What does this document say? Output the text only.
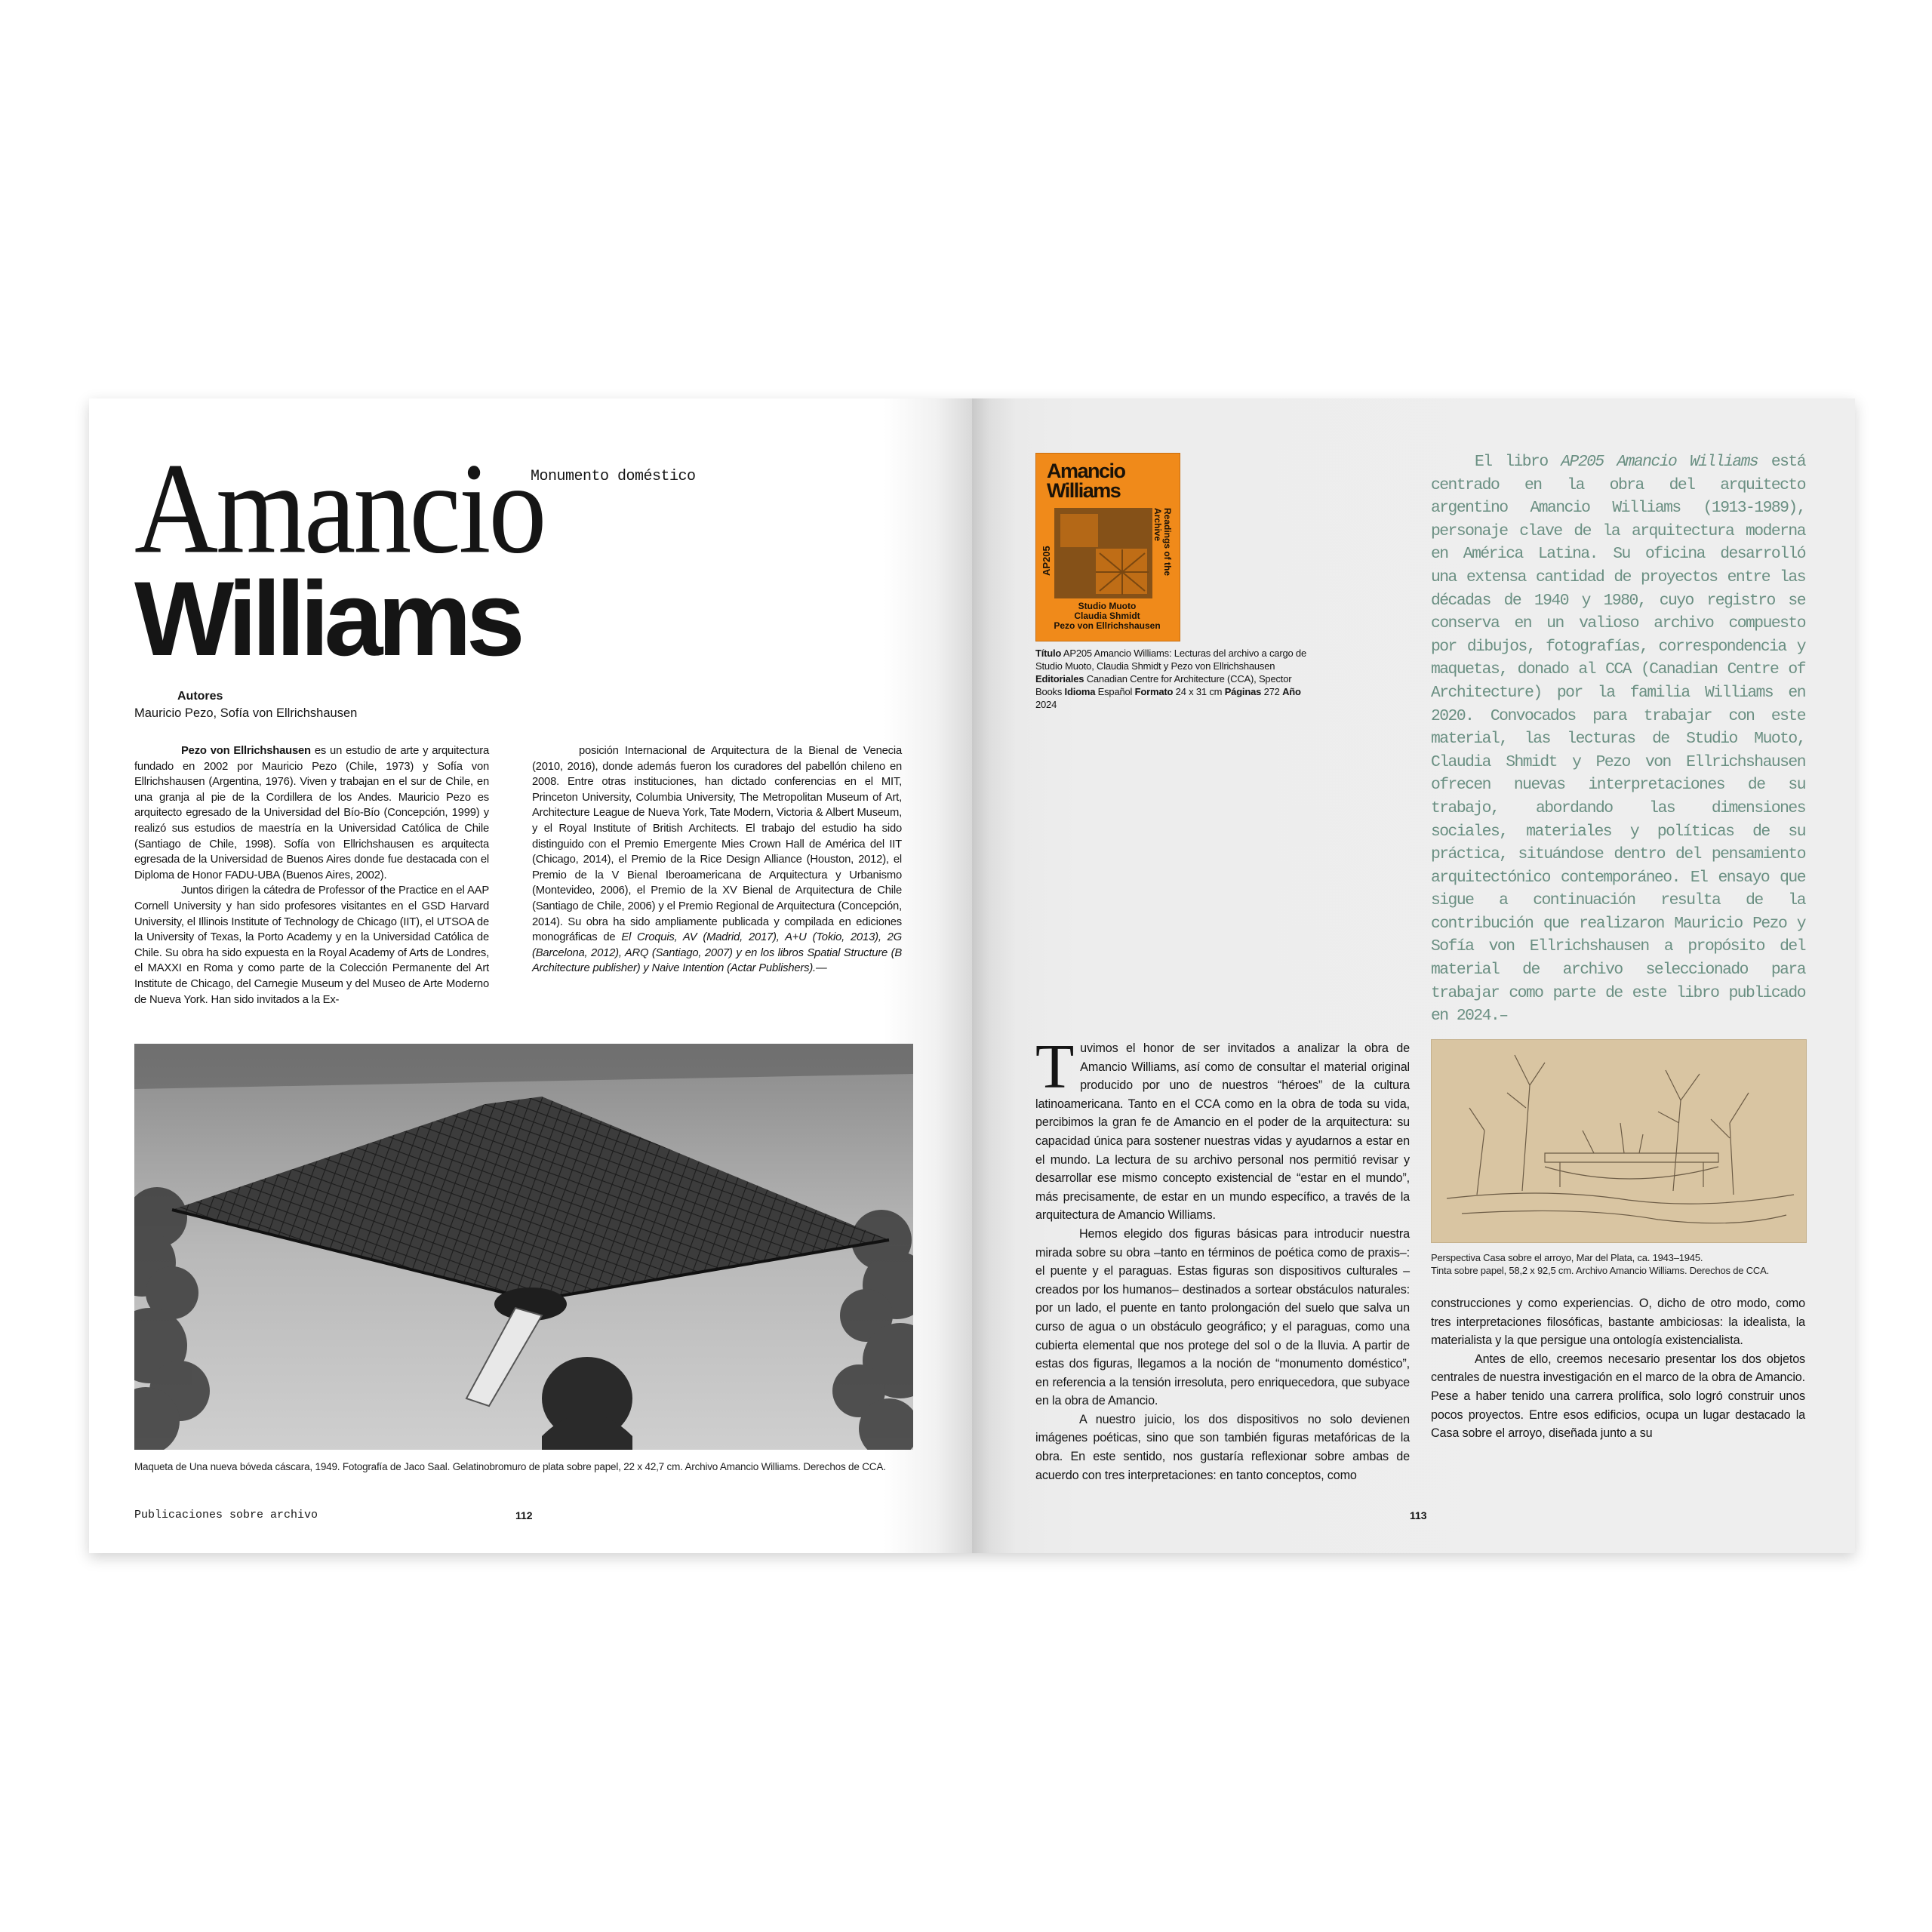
Amancio
Williams
Monumento doméstico
Autores
Mauricio Pezo, Sofía von Ellrichshausen

Pezo von Ellrichshausen es un estudio de arte y arquitectura fundado en 2002 por Mauricio Pezo (Chile, 1973) y Sofía von Ellrichshausen (Argentina, 1976). Viven y trabajan en el sur de Chile, en una granja al pie de la Cordillera de los Andes. Mauricio Pezo es arquitecto egresado de la Universidad del Bío-Bío (Concepción, 1999) y realizó sus estudios de maestría en la Universidad Católica de Chile (Santiago de Chile, 1998). Sofía von Ellrichshausen es arquitecta egresada de la Universidad de Buenos Aires donde fue destacada con el Diploma de Honor FADU-UBA (Buenos Aires, 2002).

Juntos dirigen la cátedra de Professor of the Practice en el AAP Cornell University y han sido profesores visitantes en el GSD Harvard University, el Illinois Institute of Technology de Chicago (IIT), el UTSOA de la University of Texas, la Porto Academy y en la Universidad Católica de Chile. Su obra ha sido expuesta en la Royal Academy of Arts de Londres, el MAXXI en Roma y como parte de la Colección Permanente del Art Institute de Chicago, del Carnegie Museum y del Museo de Arte Moderno de Nueva York. Han sido invitados a la Ex-

posición Internacional de Arquitectura de la Bienal de Venecia (2010, 2016), donde además fueron los curadores del pabellón chileno en 2008. Entre otras instituciones, han dictado conferencias en el MIT, Princeton University, Columbia University, The Metropolitan Museum of Art, Architecture League de Nueva York, Tate Modern, Victoria & Albert Museum, y el Royal Institute of British Architects. El trabajo del estudio ha sido distinguido con el Premio Emergente Mies Crown Hall de América del IIT (Chicago, 2014), el Premio de la Rice Design Alliance (Houston, 2012), el Premio de la V Bienal Iberoamericana de Arquitectura y Urbanismo (Montevideo, 2006), el Premio de la XV Bienal de Arquitectura de Chile (Santiago de Chile, 2006) y el Premio Regional de Arquitectura (Concepción, 2014). Su obra ha sido ampliamente publicada y compilada en ediciones monográficas de El Croquis, AV (Madrid, 2017), A+U (Tokio, 2013), 2G (Barcelona, 2012), ARQ (Santiago, 2007) y en los libros Spatial Structure (B Architecture publisher) y Naive Intention (Actar Publishers).—

Maqueta de Una nueva bóveda cáscara, 1949. Fotografía de Jaco Saal. Gelatinobromuro de plata sobre papel, 22 x 42,7 cm. Archivo Amancio Williams. Derechos de CCA.
Publicaciones sobre archivo	112
Amancio
Williams
AP205	Readings of the Archive
Studio Muoto
Claudia Shmidt
Pezo von Ellrichshausen
Título AP205 Amancio Williams: Lecturas del archivo a cargo de Studio Muoto, Claudia Shmidt y Pezo von Ellrichshausen Editoriales Canadian Centre for Architecture (CCA), Spector Books Idioma Español Formato 24 x 31 cm Páginas 272 Año 2024

El libro AP205 Amancio Williams está centrado en la obra del arquitecto argentino Amancio Williams (1913-1989), personaje clave de la arquitectura moderna en América Latina. Su oficina desarrolló una extensa cantidad de proyectos entre las décadas de 1940 y 1980, cuyo registro se conserva en un valioso archivo compuesto por dibujos, fotografías, correspondencia y maquetas, donado al CCA (Canadian Centre of Architecture) por la familia Williams en 2020. Convocados para trabajar con este material, las lecturas de Studio Muoto, Claudia Shmidt y Pezo von Ellrichshausen ofrecen nuevas interpretaciones de su trabajo, abordando las dimensiones sociales, materiales y políticas de su práctica, situándose dentro del pensamiento arquitectónico contemporáneo. El ensayo que sigue a continuación resulta de la contribución que realizaron Mauricio Pezo y Sofía von Ellrichshausen a propósito del material de archivo seleccionado para trabajar como parte de este libro publicado en 2024.–

Tuvimos el honor de ser invitados a analizar la obra de Amancio Williams, así como de consultar el material original producido por uno de nuestros “héroes” de la cultura latinoamericana. Tanto en el CCA como en la obra de toda su vida, percibimos la gran fe de Amancio en el poder de la arquitectura: su capacidad única para sostener nuestras vidas y ayudarnos a estar en el mundo. La lectura de su archivo personal nos permitió revisar y desarrollar ese mismo concepto existencial de “estar en el mundo”, más precisamente, de estar en un mundo específico, a través de la arquitectura de Amancio Williams.

Hemos elegido dos figuras básicas para introducir nuestra mirada sobre su obra –tanto en términos de poética como de praxis–: el puente y el paraguas. Estas figuras son dispositivos culturales –creados por los humanos– destinados a sortear obstáculos naturales: por un lado, el puente en tanto prolongación del suelo que salva un curso de agua o un obstáculo geográfico; y el paraguas, como una cubierta elemental que nos protege del sol o de la lluvia. A partir de estas dos figuras, llegamos a la noción de “monumento doméstico”, en referencia a la tensión irresoluta, pero enriquecedora, que subyace en la obra de Amancio.

A nuestro juicio, los dos dispositivos no solo devienen imágenes poéticas, sino que son también figuras metafóricas de la obra. En este sentido, nos gustaría reflexionar sobre ambas de acuerdo con tres interpretaciones: en tanto conceptos, como

Perspectiva Casa sobre el arroyo, Mar del Plata, ca. 1943–1945.
Tinta sobre papel, 58,2 x 92,5 cm. Archivo Amancio Williams. Derechos de CCA.

construcciones y como experiencias. O, dicho de otro modo, como tres interpretaciones filosóficas, bastante ambiciosas: la idealista, la materialista y la que persigue una ontología existencialista.

Antes de ello, creemos necesario presentar los dos objetos centrales de nuestra investigación en el marco de la obra de Amancio. Pese a haber tenido una carrera prolífica, solo logró construir unos pocos proyectos. Entre esos edificios, ocupa un lugar destacado la Casa sobre el arroyo, diseñada junto a su

113
